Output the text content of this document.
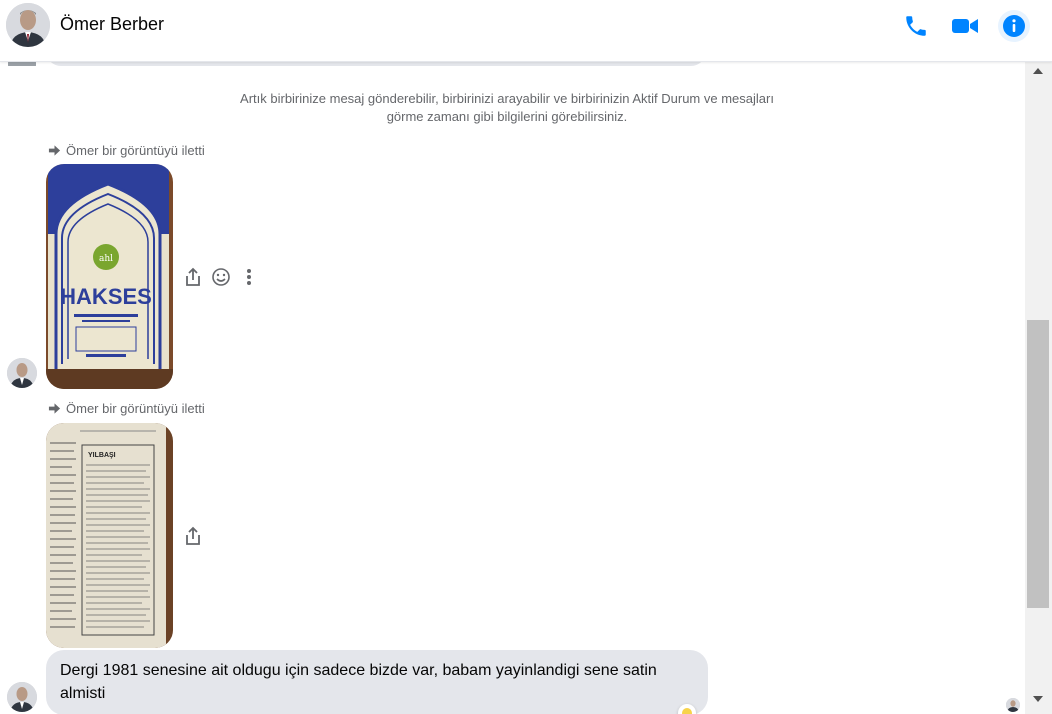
Ömer Berber
Artık birbirinize mesaj gönderebilir, birbirinizi arayabilir ve birbirinizin Aktif Durum ve mesajları görme zamanı gibi bilgilerini görebilirsiniz.
Ömer bir görüntüyü iletti
ahl
HAKSES
Ömer bir görüntüyü iletti
YILBAŞI
Dergi 1981 senesine ait oldugu için sadece bizde var, babam yayinlandigi sene satin almisti
